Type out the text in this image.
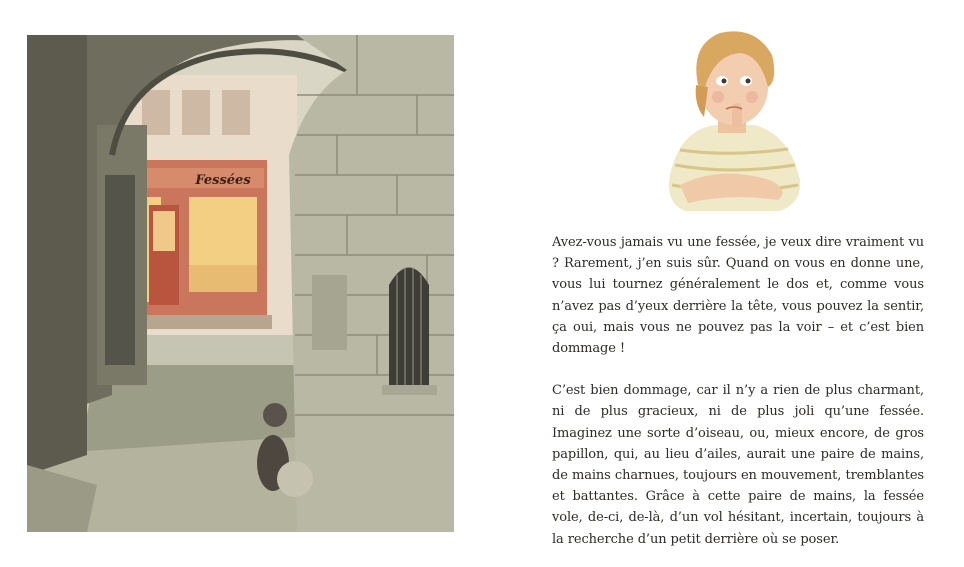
Fessées

Avez-vous jamais vu une fessée, je veux dire vraiment vu ? Rarement, j’en suis sûr. Quand on vous en donne une, vous lui tournez généralement le dos et, comme vous n’avez pas d’yeux derrière la tête, vous pouvez la sentir, ça oui, mais vous ne pouvez pas la voir – et c’est bien dommage !

C’est bien dommage, car il n’y a rien de plus charmant, ni de plus gracieux, ni de plus joli qu’une fessée. Imaginez une sorte d’oiseau, ou, mieux encore, de gros papillon, qui, au lieu d’ailes, aurait une paire de mains, de mains charnues, toujours en mouvement, tremblantes et battantes. Grâce à cette paire de mains, la fessée vole, de-ci, de-là, d’un vol hésitant, incertain, toujours à la recherche d’un petit derrière où se poser.
